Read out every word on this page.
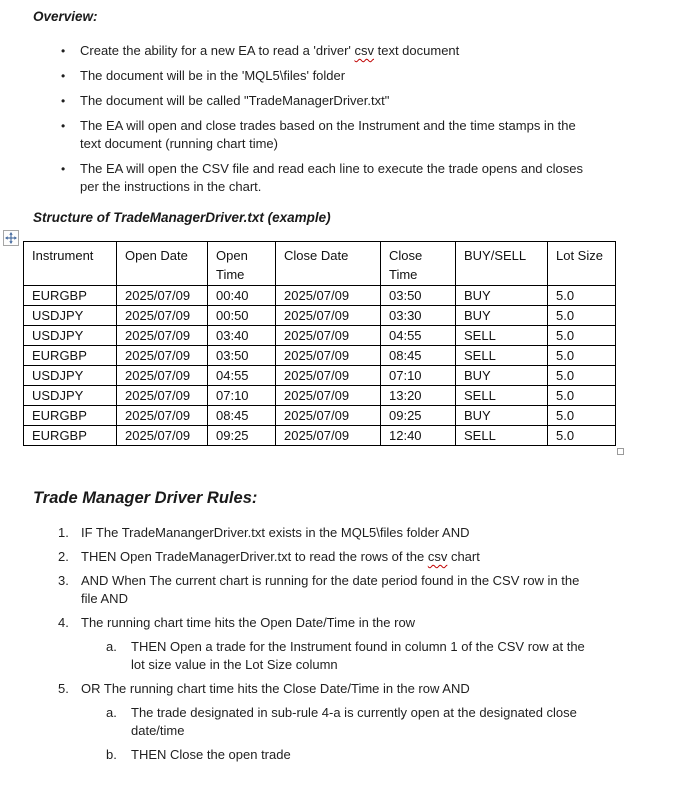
Overview:
•	Create the ability for a new EA to read a 'driver' csv text document
•	The document will be in the 'MQL5\files' folder
•	The document will be called "TradeManagerDriver.txt"
•	The EA will open and close trades based on the Instrument and the time stamps in the
text document (running chart time)
•	The EA will open the CSV file and read each line to execute the trade opens and closes
per the instructions in the chart.
Structure of TradeManagerDriver.txt (example)
Instrument	Open Date	Open Time	Close Date	Close Time	BUY/SELL	Lot Size
EURGBP	2025/07/09	00:40	2025/07/09	03:50	BUY	5.0
USDJPY	2025/07/09	00:50	2025/07/09	03:30	BUY	5.0
USDJPY	2025/07/09	03:40	2025/07/09	04:55	SELL	5.0
EURGBP	2025/07/09	03:50	2025/07/09	08:45	SELL	5.0
USDJPY	2025/07/09	04:55	2025/07/09	07:10	BUY	5.0
USDJPY	2025/07/09	07:10	2025/07/09	13:20	SELL	5.0
EURGBP	2025/07/09	08:45	2025/07/09	09:25	BUY	5.0
EURGBP	2025/07/09	09:25	2025/07/09	12:40	SELL	5.0
Trade Manager Driver Rules:
1. IF The TradeManangerDriver.txt exists in the MQL5\files folder AND
2. THEN Open TradeManagerDriver.txt to read the rows of the csv chart
3. AND When The current chart is running for the date period found in the CSV row in the
file AND
4. The running chart time hits the Open Date/Time in the row
a.	THEN Open a trade for the Instrument found in column 1 of the CSV row at the
lot size value in the Lot Size column
5. OR The running chart time hits the Close Date/Time in the row AND
a.	The trade designated in sub-rule 4-a is currently open at the designated close
date/time
b.	THEN Close the open trade
